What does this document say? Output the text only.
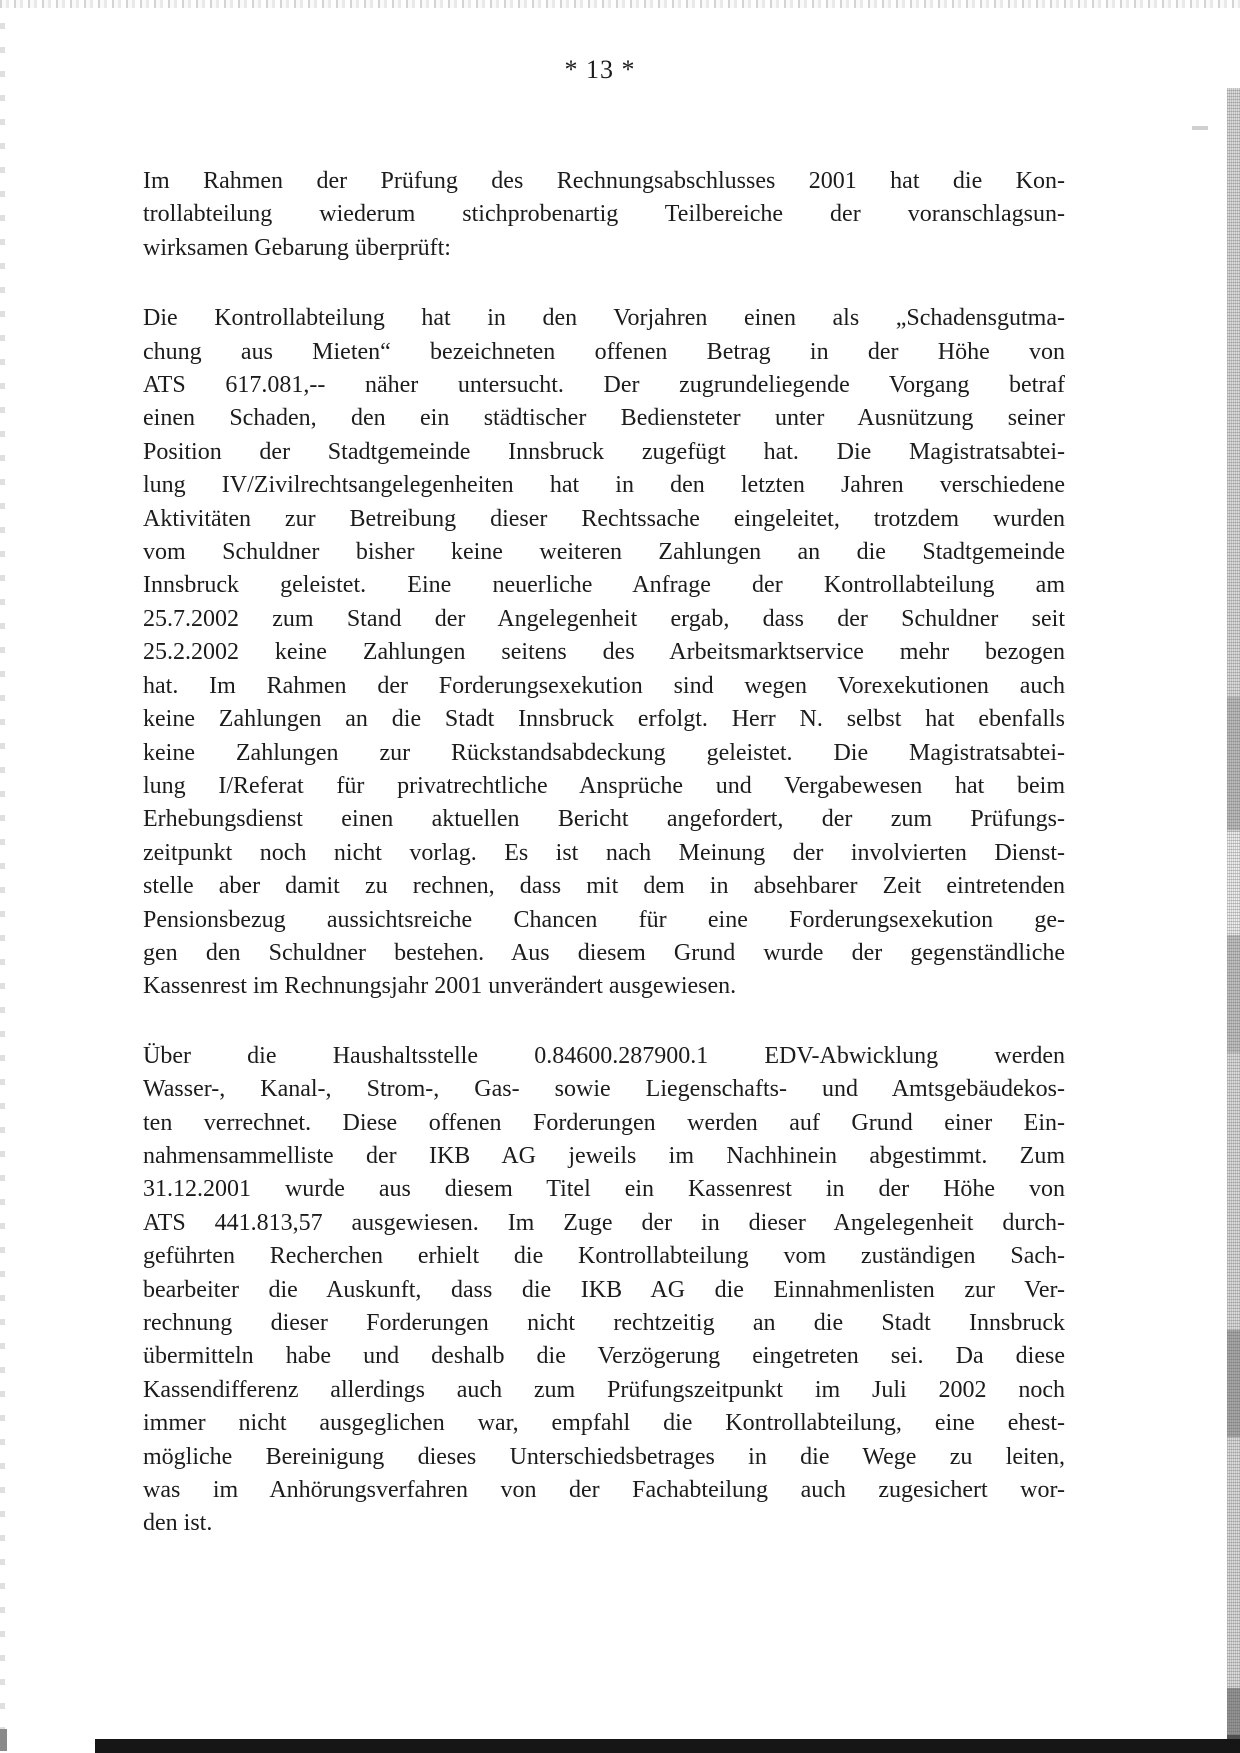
* 13 *
Im Rahmen der Prüfung des Rechnungsabschlusses 2001 hat die Kon-
trollabteilung wiederum stichprobenartig Teilbereiche der voranschlagsun-
wirksamen Gebarung überprüft:
Die Kontrollabteilung hat in den Vorjahren einen als „Schadensgutma-
chung aus Mieten“ bezeichneten offenen Betrag in der Höhe von
ATS 617.081,-- näher untersucht. Der zugrundeliegende Vorgang betraf
einen Schaden, den ein städtischer Bediensteter unter Ausnützung seiner
Position der Stadtgemeinde Innsbruck zugefügt hat. Die Magistratsabtei-
lung IV/Zivilrechtsangelegenheiten hat in den letzten Jahren verschiedene
Aktivitäten zur Betreibung dieser Rechtssache eingeleitet, trotzdem wurden
vom Schuldner bisher keine weiteren Zahlungen an die Stadtgemeinde
Innsbruck geleistet. Eine neuerliche Anfrage der Kontrollabteilung am
25.7.2002 zum Stand der Angelegenheit ergab, dass der Schuldner seit
25.2.2002 keine Zahlungen seitens des Arbeitsmarktservice mehr bezogen
hat. Im Rahmen der Forderungsexekution sind wegen Vorexekutionen auch
keine Zahlungen an die Stadt Innsbruck erfolgt. Herr N. selbst hat ebenfalls
keine Zahlungen zur Rückstandsabdeckung geleistet. Die Magistratsabtei-
lung I/Referat für privatrechtliche Ansprüche und Vergabewesen hat beim
Erhebungsdienst einen aktuellen Bericht angefordert, der zum Prüfungs-
zeitpunkt noch nicht vorlag. Es ist nach Meinung der involvierten Dienst-
stelle aber damit zu rechnen, dass mit dem in absehbarer Zeit eintretenden
Pensionsbezug aussichtsreiche Chancen für eine Forderungsexekution ge-
gen den Schuldner bestehen. Aus diesem Grund wurde der gegenständliche
Kassenrest im Rechnungsjahr 2001 unverändert ausgewiesen.
Über die Haushaltsstelle 0.84600.287900.1 EDV-Abwicklung werden
Wasser-, Kanal-, Strom-, Gas- sowie Liegenschafts- und Amtsgebäudekos-
ten verrechnet. Diese offenen Forderungen werden auf Grund einer Ein-
nahmensammelliste der IKB AG jeweils im Nachhinein abgestimmt. Zum
31.12.2001 wurde aus diesem Titel ein Kassenrest in der Höhe von
ATS 441.813,57 ausgewiesen. Im Zuge der in dieser Angelegenheit durch-
geführten Recherchen erhielt die Kontrollabteilung vom zuständigen Sach-
bearbeiter die Auskunft, dass die IKB AG die Einnahmenlisten zur Ver-
rechnung dieser Forderungen nicht rechtzeitig an die Stadt Innsbruck
übermitteln habe und deshalb die Verzögerung eingetreten sei. Da diese
Kassendifferenz allerdings auch zum Prüfungszeitpunkt im Juli 2002 noch
immer nicht ausgeglichen war, empfahl die Kontrollabteilung, eine ehest-
mögliche Bereinigung dieses Unterschiedsbetrages in die Wege zu leiten,
was im Anhörungsverfahren von der Fachabteilung auch zugesichert wor-
den ist.
